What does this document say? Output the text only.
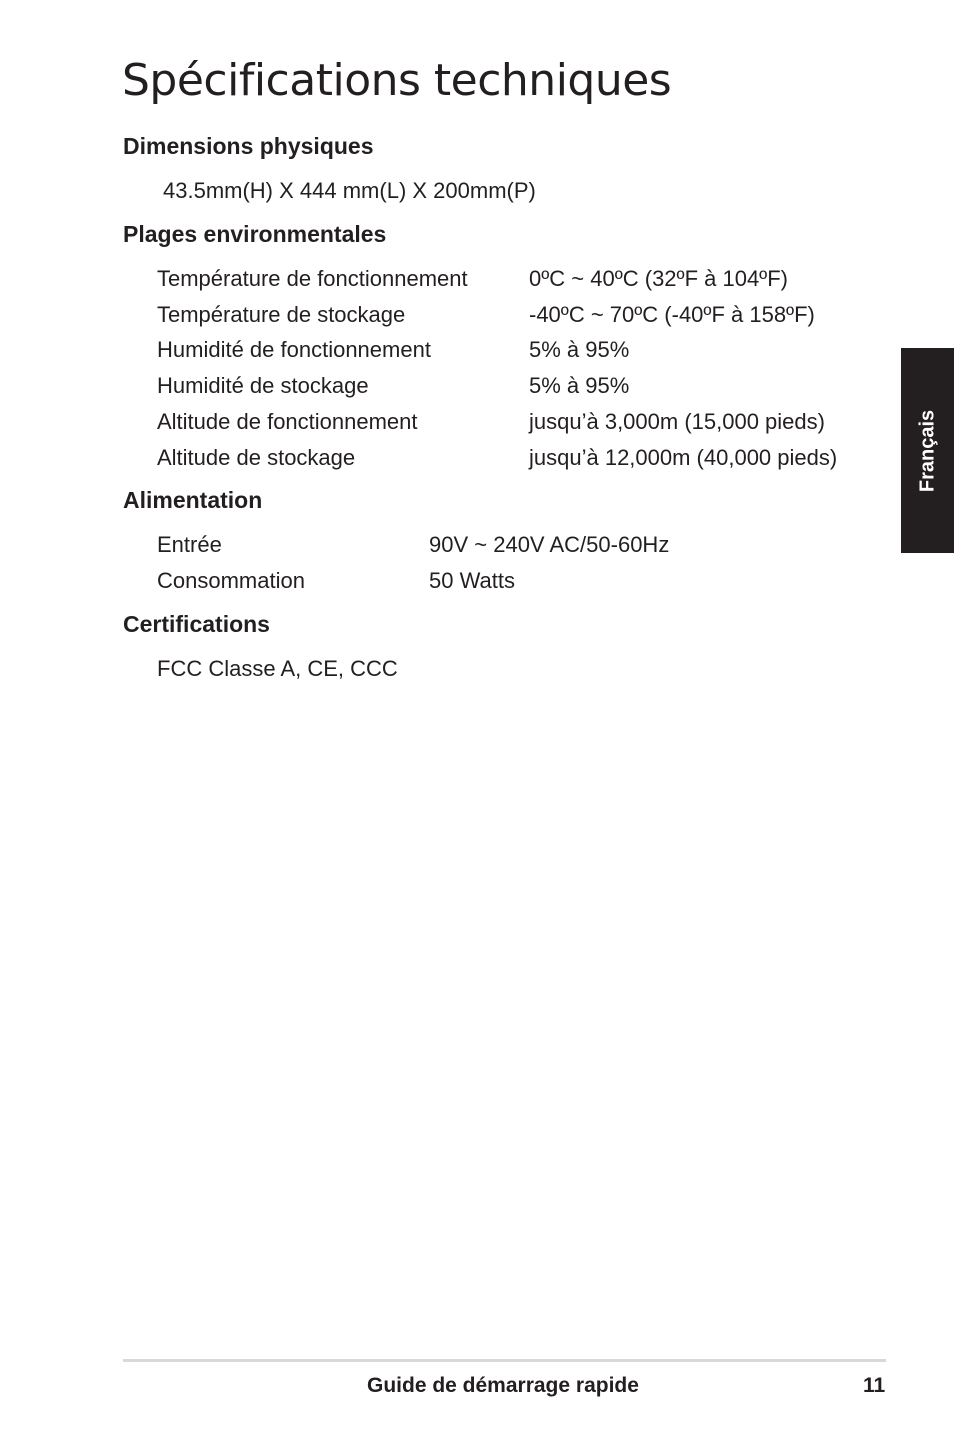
Spécifications techniques
Français
Dimensions physiques
43.5mm(H) X 444 mm(L) X 200mm(P)
Plages environmentales
Température de fonctionnement	0ºC ~ 40ºC (32ºF à 104ºF)
Température de stockage	-40ºC ~ 70ºC (-40ºF à 158ºF)
Humidité de fonctionnement	5% à 95%
Humidité de stockage	5% à 95%
Altitude de fonctionnement	jusqu’à 3,000m (15,000 pieds)
Altitude de stockage	jusqu’à 12,000m (40,000 pieds)
Alimentation
Entrée	90V ~ 240V AC/50-60Hz
Consommation	50 Watts
Certifications
FCC Classe A, CE, CCC
Guide de démarrage rapide	11
